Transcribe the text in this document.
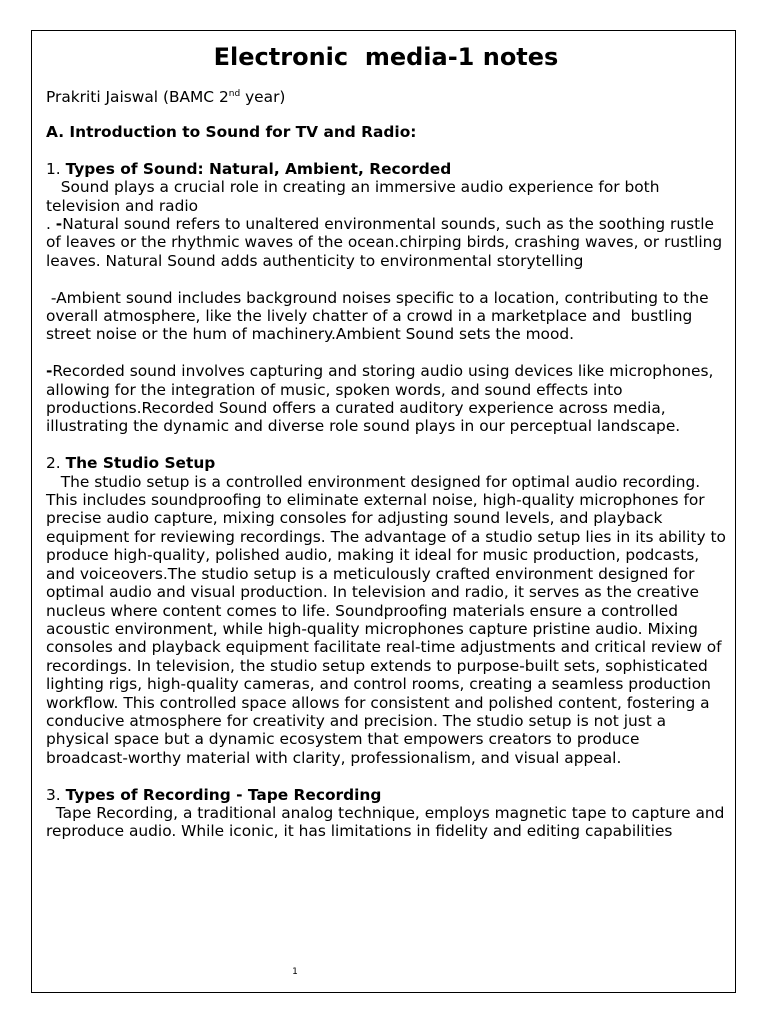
Electronic  media-1 notes
Prakriti Jaiswal (BAMC 2nd year)
A. Introduction to Sound for TV and Radio:
1. Types of Sound: Natural, Ambient, Recorded

Sound plays a crucial role in creating an immersive audio experience for both television and radio

. -Natural sound refers to unaltered environmental sounds, such as the soothing rustle of leaves or the rhythmic waves of the ocean.chirping birds, crashing waves, or rustling leaves. Natural Sound adds authenticity to environmental storytelling

-Ambient sound includes background noises specific to a location, contributing to the overall atmosphere, like the lively chatter of a crowd in a marketplace and  bustling street noise or the hum of machinery.Ambient Sound sets the mood.

-Recorded sound involves capturing and storing audio using devices like microphones, allowing for the integration of music, spoken words, and sound effects into productions.Recorded Sound offers a curated auditory experience across media, illustrating the dynamic and diverse role sound plays in our perceptual landscape.

2. The Studio Setup

The studio setup is a controlled environment designed for optimal audio recording. This includes soundproofing to eliminate external noise, high-quality microphones for precise audio capture, mixing consoles for adjusting sound levels, and playback equipment for reviewing recordings. The advantage of a studio setup lies in its ability to produce high-quality, polished audio, making it ideal for music production, podcasts, and voiceovers.The studio setup is a meticulously crafted environment designed for optimal audio and visual production. In television and radio, it serves as the creative nucleus where content comes to life. Soundproofing materials ensure a controlled acoustic environment, while high-quality microphones capture pristine audio. Mixing consoles and playback equipment facilitate real-time adjustments and critical review of recordings. In television, the studio setup extends to purpose-built sets, sophisticated lighting rigs, high-quality cameras, and control rooms, creating a seamless production workflow. This controlled space allows for consistent and polished content, fostering a conducive atmosphere for creativity and precision. The studio setup is not just a physical space but a dynamic ecosystem that empowers creators to produce broadcast-worthy material with clarity, professionalism, and visual appeal.

3. Types of Recording - Tape Recording

Tape Recording, a traditional analog technique, employs magnetic tape to capture and reproduce audio. While iconic, it has limitations in fidelity and editing capabilities

1
